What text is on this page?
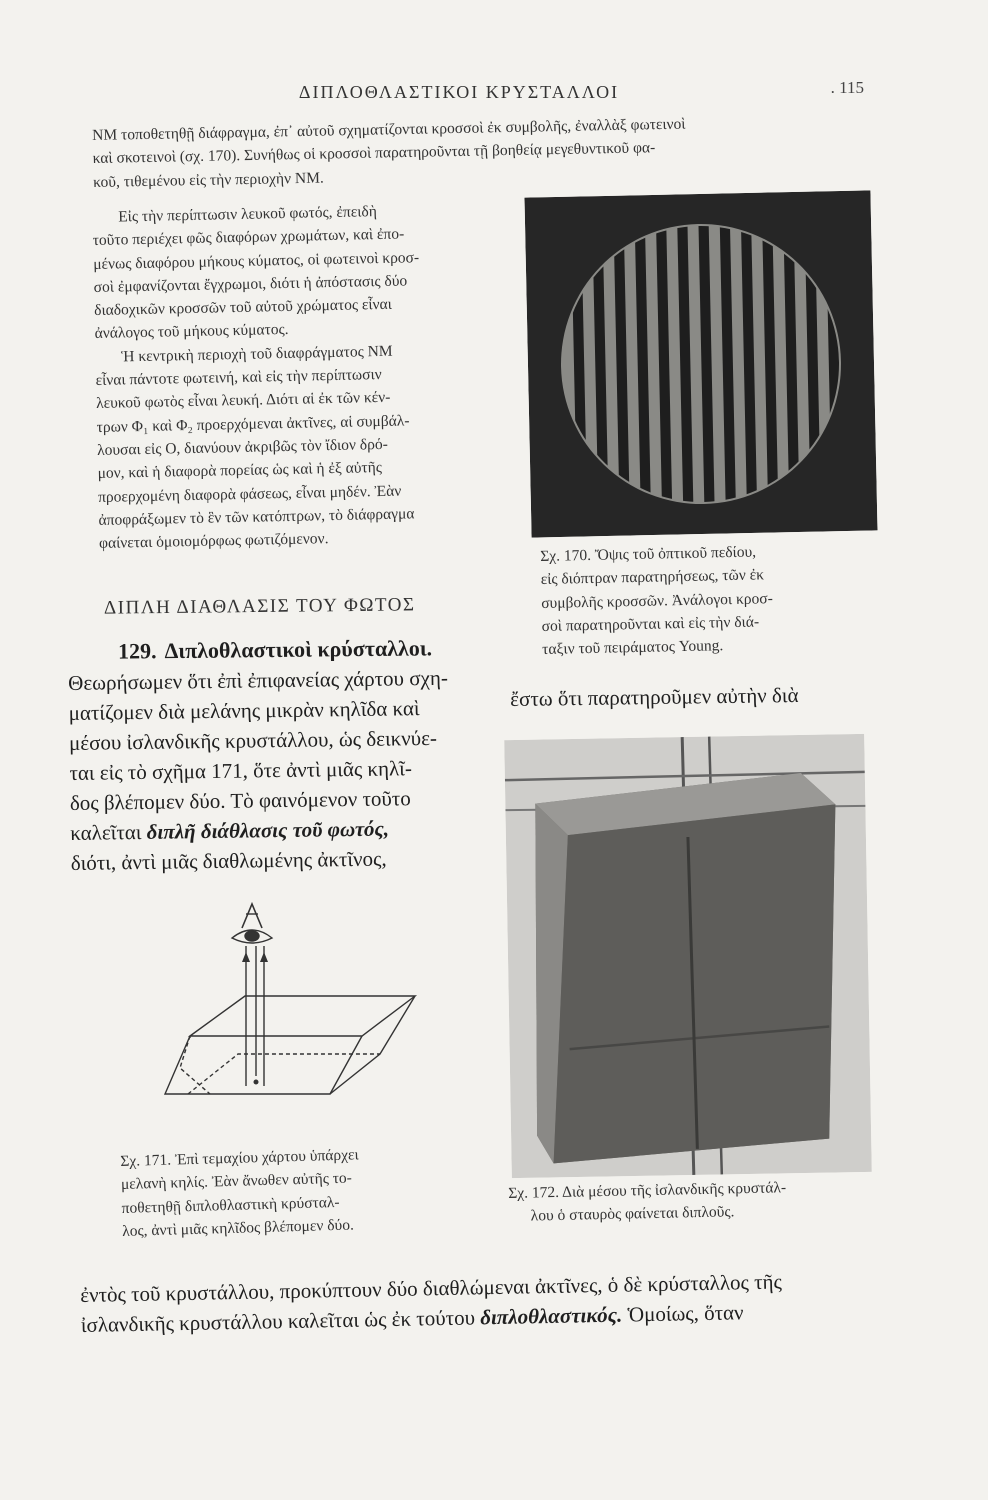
ΔΙΠΛΟΘΛΑΣΤΙΚΟΙ ΚΡΥΣΤΑΛΛΟΙ	. 115
ΝΜ τοποθετηθῇ διάφραγμα, ἐπ᾽ αὐτοῦ σχηματίζονται κροσσοὶ ἐκ συμβολῆς, ἐναλλὰξ φωτεινοὶ
καὶ σκοτεινοὶ (σχ. 170). Συνήθως οἱ κροσσοὶ παρατηροῦνται τῇ βοηθείᾳ μεγεθυντικοῦ φα-
κοῦ, τιθεμένου εἰς τὴν περιοχὴν ΝΜ.
Εἰς τὴν περίπτωσιν λευκοῦ φωτός, ἐπειδὴ
τοῦτο περιέχει φῶς διαφόρων χρωμάτων, καὶ ἐπο-
μένως διαφόρου μήκους κύματος, οἱ φωτεινοὶ κροσ-
σοὶ ἐμφανίζονται ἔγχρωμοι, διότι ἡ ἀπόστασις δύο
διαδοχικῶν κροσσῶν τοῦ αὐτοῦ χρώματος εἶναι
ἀνάλογος τοῦ μήκους κύματος.
Ἡ κεντρικὴ περιοχὴ τοῦ διαφράγματος ΝΜ
εἶναι πάντοτε φωτεινή, καὶ εἰς τὴν περίπτωσιν
λευκοῦ φωτὸς εἶναι λευκή. Διότι αἱ ἐκ τῶν κέν-
τρων Φ₁ καὶ Φ₂ προερχόμεναι ἀκτῖνες, αἱ συμβάλ-
λουσαι εἰς Ο, διανύουν ἀκριβῶς τὸν ἴδιον δρό-
μον, καὶ ἡ διαφορὰ πορείας ὡς καὶ ἡ ἐξ αὐτῆς
προερχομένη διαφορὰ φάσεως, εἶναι μηδέν. Ἐὰν
ἀποφράξωμεν τὸ ἓν τῶν κατόπτρων, τὸ διάφραγμα
φαίνεται ὁμοιομόρφως φωτιζόμενον.
Σχ. 170. Ὄψις τοῦ ὀπτικοῦ πεδίου,
εἰς διόπτραν παρατηρήσεως, τῶν ἐκ
συμβολῆς κροσσῶν. Ἀνάλογοι κροσ-
σοὶ παρατηροῦνται καὶ εἰς τὴν διά-
ταξιν τοῦ πειράματος Young.
ΔΙΠΛΗ ΔΙΑΘΛΑΣΙΣ ΤΟΥ ΦΩΤΟΣ
129. Διπλοθλαστικοὶ κρύσταλλοι.
Θεωρήσωμεν ὅτι ἐπὶ ἐπιφανείας χάρτου σχη-
ματίζομεν διὰ μελάνης μικρὰν κηλῖδα καὶ
μέσου ἰσλανδικῆς κρυστάλλου, ὡς δεικνύε-
ται εἰς τὸ σχῆμα 171, ὅτε ἀντὶ μιᾶς κηλῖ-
δος βλέπομεν δύο. Τὸ φαινόμενον τοῦτο
καλεῖται διπλῆ διάθλασις τοῦ φωτός,
διότι, ἀντὶ μιᾶς διαθλωμένης ἀκτῖνος,
ἔστω ὅτι παρατηροῦμεν αὐτὴν διὰ
Σχ. 171. Ἐπὶ τεμαχίου χάρτου ὑπάρχει
μελανὴ κηλίς. Ἐὰν ἄνωθεν αὐτῆς το-
ποθετηθῇ διπλοθλαστικὴ κρύσταλ-
λος, ἀντὶ μιᾶς κηλῖδος βλέπομεν δύο.
Σχ. 172. Διὰ μέσου τῆς ἰσλανδικῆς κρυστάλ-
λου ὁ σταυρὸς φαίνεται διπλοῦς.
ἐντὸς τοῦ κρυστάλλου, προκύπτουν δύο διαθλώμεναι ἀκτῖνες, ὁ δὲ κρύσταλλος τῆς
ἰσλανδικῆς κρυστάλλου καλεῖται ὡς ἐκ τούτου διπλοθλαστικός. Ὁμοίως, ὅταν
